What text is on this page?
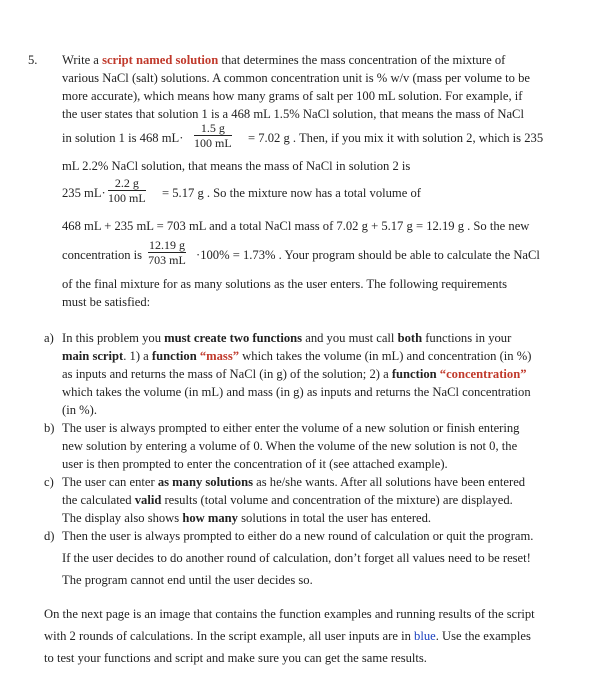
5. Write a script named solution that determines the mass concentration of the mixture of
various NaCl (salt) solutions. A common concentration unit is % w/v (mass per volume to be
more accurate), which means how many grams of salt per 100 mL solution. For example, if
the user states that solution 1 is a 468 mL 1.5% NaCl solution, that means the mass of NaCl
in solution 1 is 468 $mL\cdot \frac{1.5 g}{100 mL} = 7.02$ g . Then, if you mix it with solution 2, which is 235
mL 2.2% NaCl solution, that means the mass of NaCl in solution 2 is
235 $mL\cdot \frac{2.2 g}{100 mL} = 5.17$ g . So the mixture now has a total volume of
468 mL + 235 mL = 703 mL and a total NaCl mass of 7.02 g + 5.17 g = 12.19 g . So the new
concentration is $\frac{12.19 g}{703 mL} \cdot 100\% = 1.73\%$ . Your program should be able to calculate the NaCl
of the final mixture for as many solutions as the user enters. The following requirements
must be satisfied:
a) In this problem you must create two functions and you must call both functions in your
main script. 1) a function “mass” which takes the volume (in mL) and concentration (in %)
as inputs and returns the mass of NaCl (in g) of the solution; 2) a function “concentration”
which takes the volume (in mL) and mass (in g) as inputs and returns the NaCl concentration
(in %).
b) The user is always prompted to either enter the volume of a new solution or finish entering
new solution by entering a volume of 0. When the volume of the new solution is not 0, the
user is then prompted to enter the concentration of it (see attached example).
c) The user can enter as many solutions as he/she wants. After all solutions have been entered
the calculated valid results (total volume and concentration of the mixture) are displayed.
The display also shows how many solutions in total the user has entered.
d) Then the user is always prompted to either do a new round of calculation or quit the program.
If the user decides to do another round of calculation, don’t forget all values need to be reset!
The program cannot end until the user decides so.
On the next page is an image that contains the function examples and running results of the script
with 2 rounds of calculations. In the script example, all user inputs are in blue. Use the examples
to test your functions and script and make sure you can get the same results.
